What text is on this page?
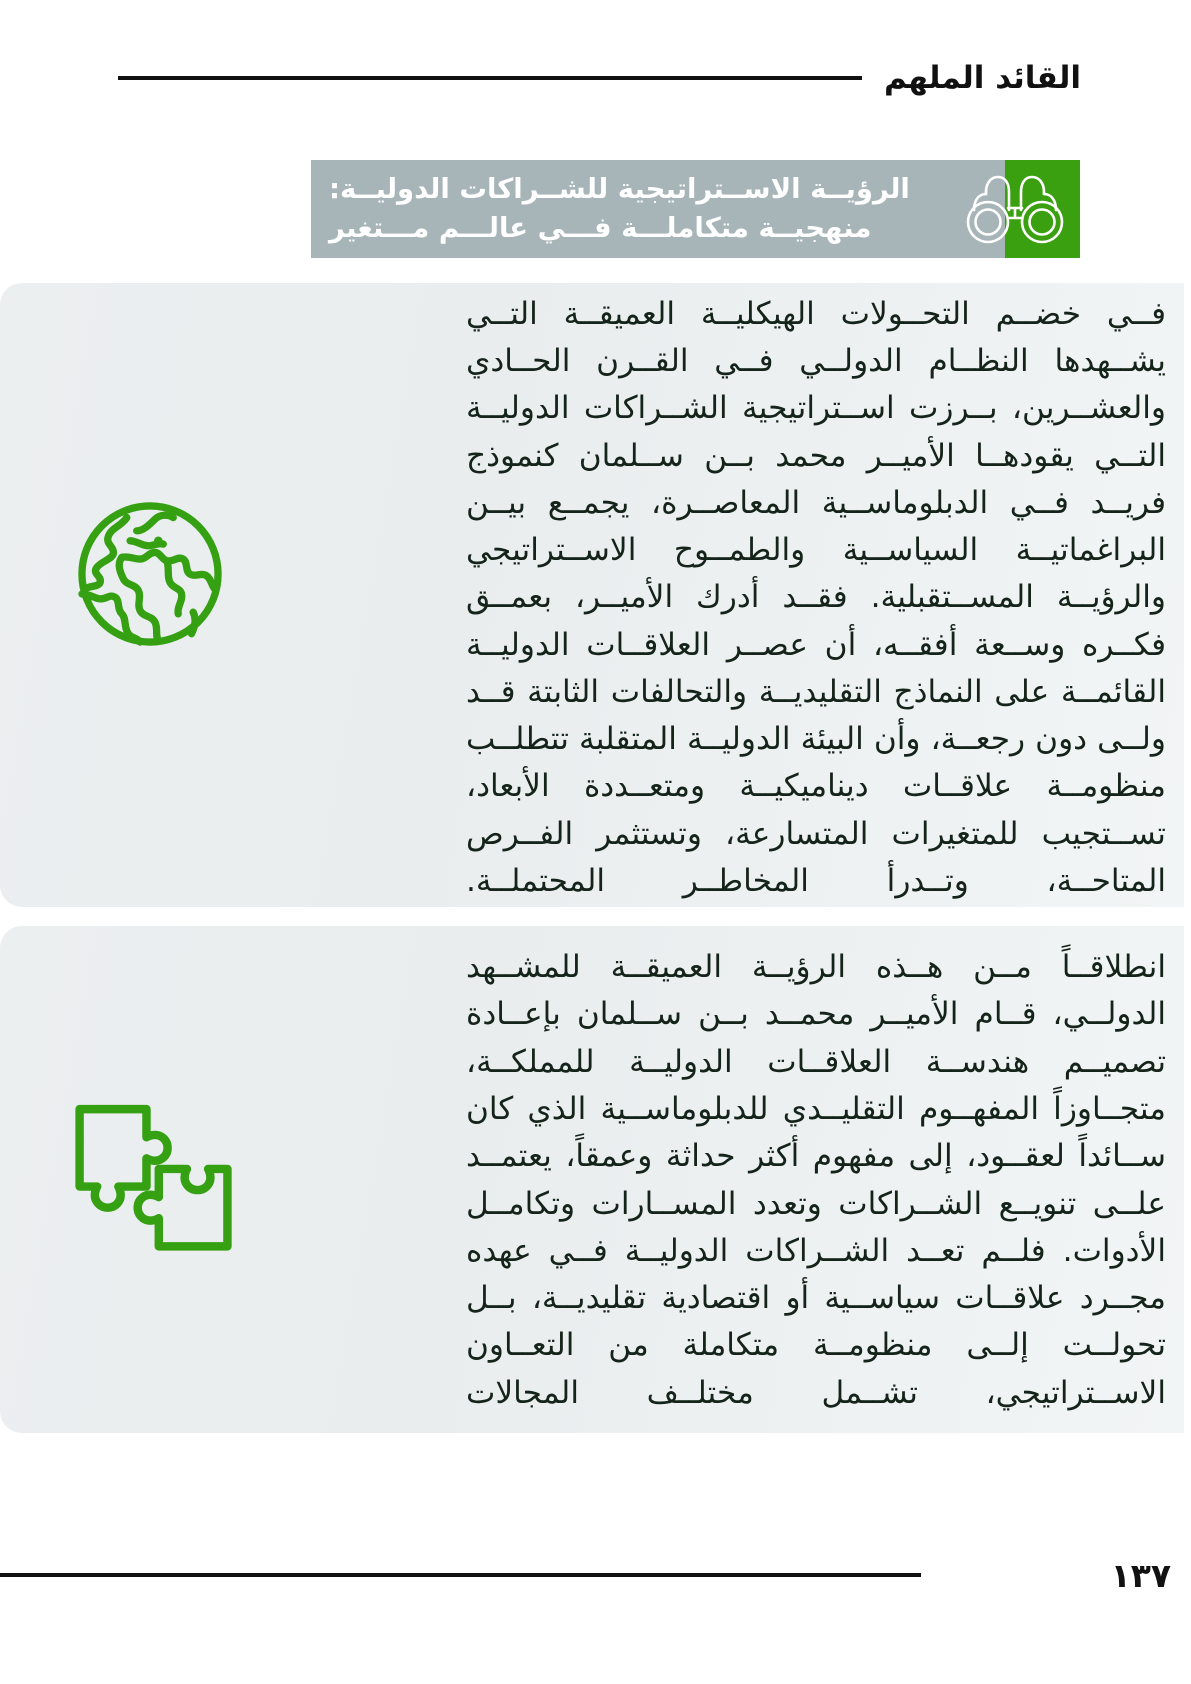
القائد الملهم
الرؤيــة الاســتراتيجية للشــراكات الدوليــة:
منهجيــة متكاملـــة فـــي عالـــم مـــتغير

فــي خضــم التحــولات الهيكليــة العميقــة التــي يشــهدها النظــام الدولــي فــي القــرن الحــادي والعشــرين، بــرزت اســتراتيجية الشــراكات الدوليــة التــي يقودهــا الأميــر محمد بــن ســلمان كنموذج فريــد فــي الدبلوماســية المعاصــرة، يجمــع بيــن البراغماتيــة السياســية والطمــوح الاســتراتيجي والرؤيــة المســتقبلية. فقــد أدرك الأميــر، بعمــق فكــره وســعة أفقــه، أن عصــر العلاقــات الدوليــة القائمــة على النماذج التقليديــة والتحالفات الثابتة قــد ولــى دون رجعــة، وأن البيئة الدوليــة المتقلبة تتطلــب منظومــة علاقــات ديناميكيــة ومتعــددة الأبعاد، تســتجيب للمتغيرات المتسارعة، وتستثمر الفــرص المتاحــة، وتــدرأ المخاطــر المحتملــة.

انطلاقــاً مــن هــذه الرؤيــة العميقــة للمشــهد الدولــي، قــام الأميــر محمــد بــن ســلمان بإعــادة تصميــم هندســة العلاقــات الدوليــة للمملكــة، متجــاوزاً المفهــوم التقليــدي للدبلوماســية الذي كان ســائداً لعقــود، إلى مفهوم أكثر حداثة وعمقاً، يعتمــد علــى تنويــع الشــراكات وتعدد المســارات وتكامــل الأدوات. فلــم تعــد الشــراكات الدوليــة فــي عهده مجــرد علاقــات سياســية أو اقتصادية تقليديــة، بــل تحولــت إلــى منظومــة متكاملة من التعــاون الاســتراتيجي، تشــمل مختلــف المجالات

١٣٧
